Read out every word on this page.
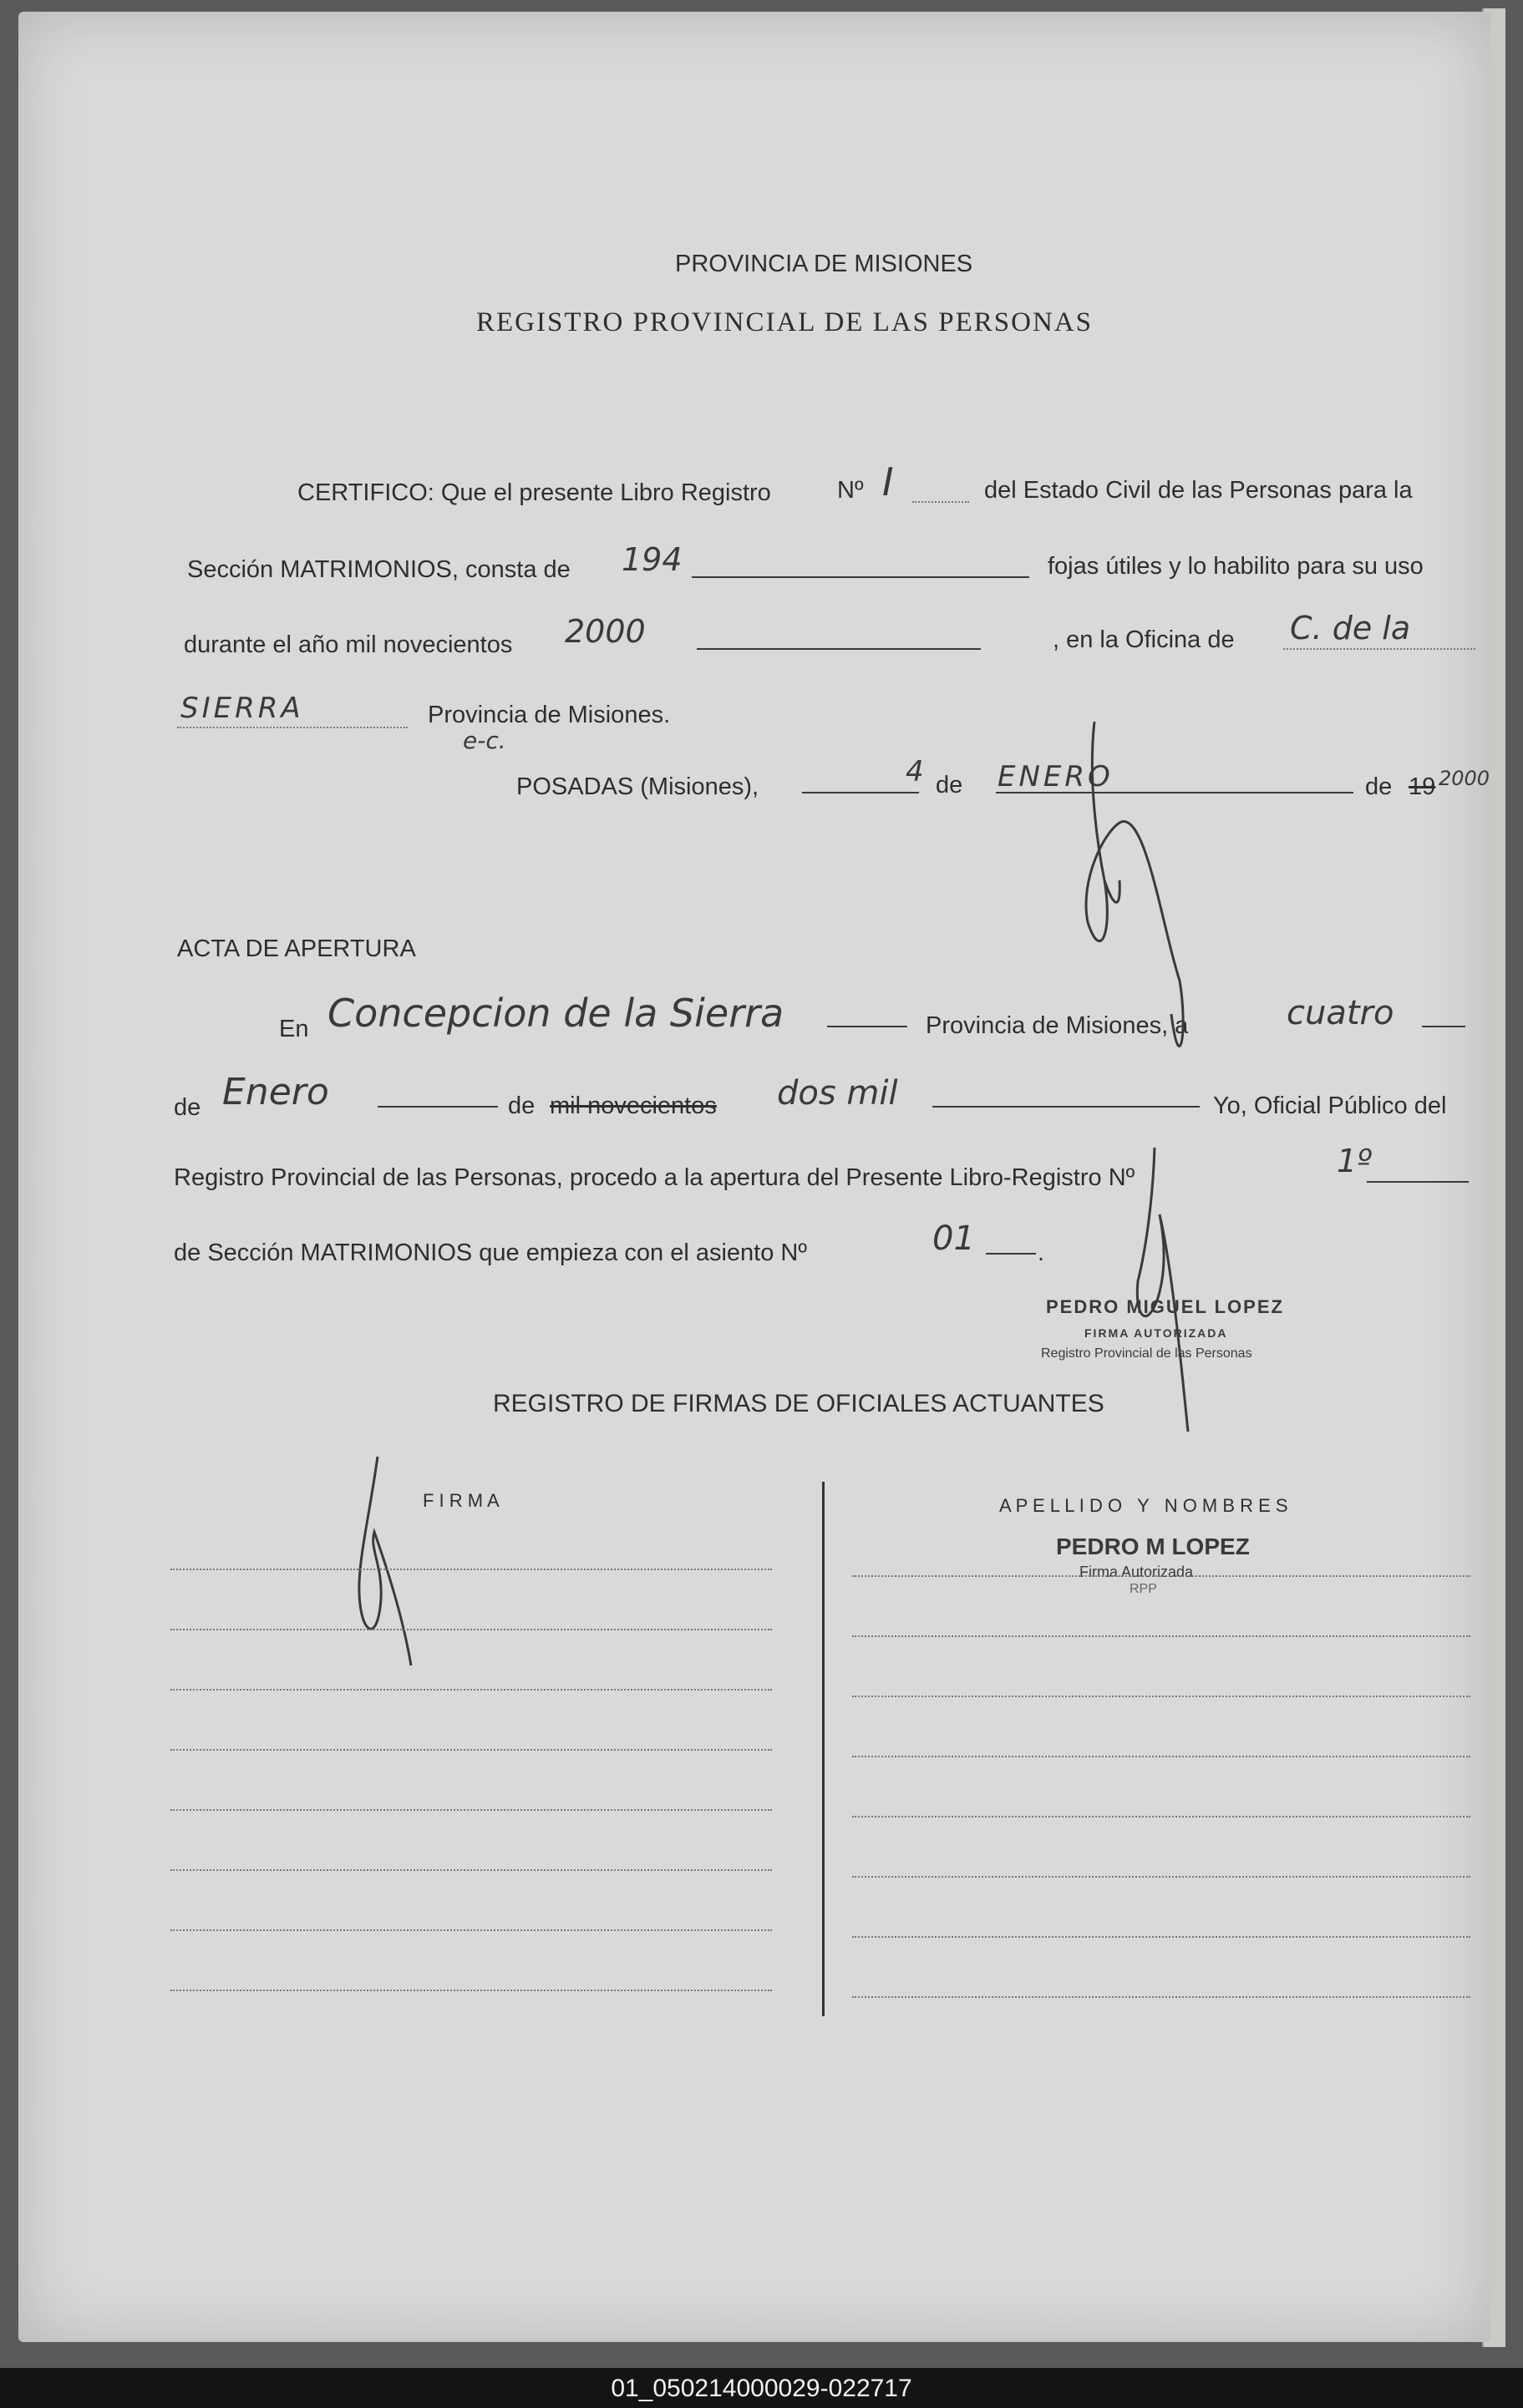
PROVINCIA DE MISIONES
REGISTRO PROVINCIAL DE LAS PERSONAS
CERTIFICO: Que el presente Libro Registro	Nº I	del Estado Civil de las Personas para la
Sección MATRIMONIOS, consta de 194	fojas útiles y lo habilito para su uso
durante el año mil novecientos 2000	, en la Oficina de C. de la
SIERRA	Provincia de Misiones.
e-c.
POSADAS (Misiones),	4 de ENERO	de 19 2000
ACTA DE APERTURA
En Concepcion de la Sierra	Provincia de Misiones, a	cuatro
de Enero	de mil novecientos dos mil	Yo, Oficial Público del
Registro Provincial de las Personas, procedo a la apertura del Presente Libro-Registro Nº	1º
de Sección MATRIMONIOS que empieza con el asiento Nº	01	.
PEDRO MIGUEL LOPEZ
FIRMA AUTORIZADA
Registro Provincial de las Personas
REGISTRO DE FIRMAS DE OFICIALES ACTUANTES
F I R M A	A P E L L I D O   Y   N O M B R E S
PEDRO M LOPEZ
Firma Autorizada
RPP
01_050214000029-022717
